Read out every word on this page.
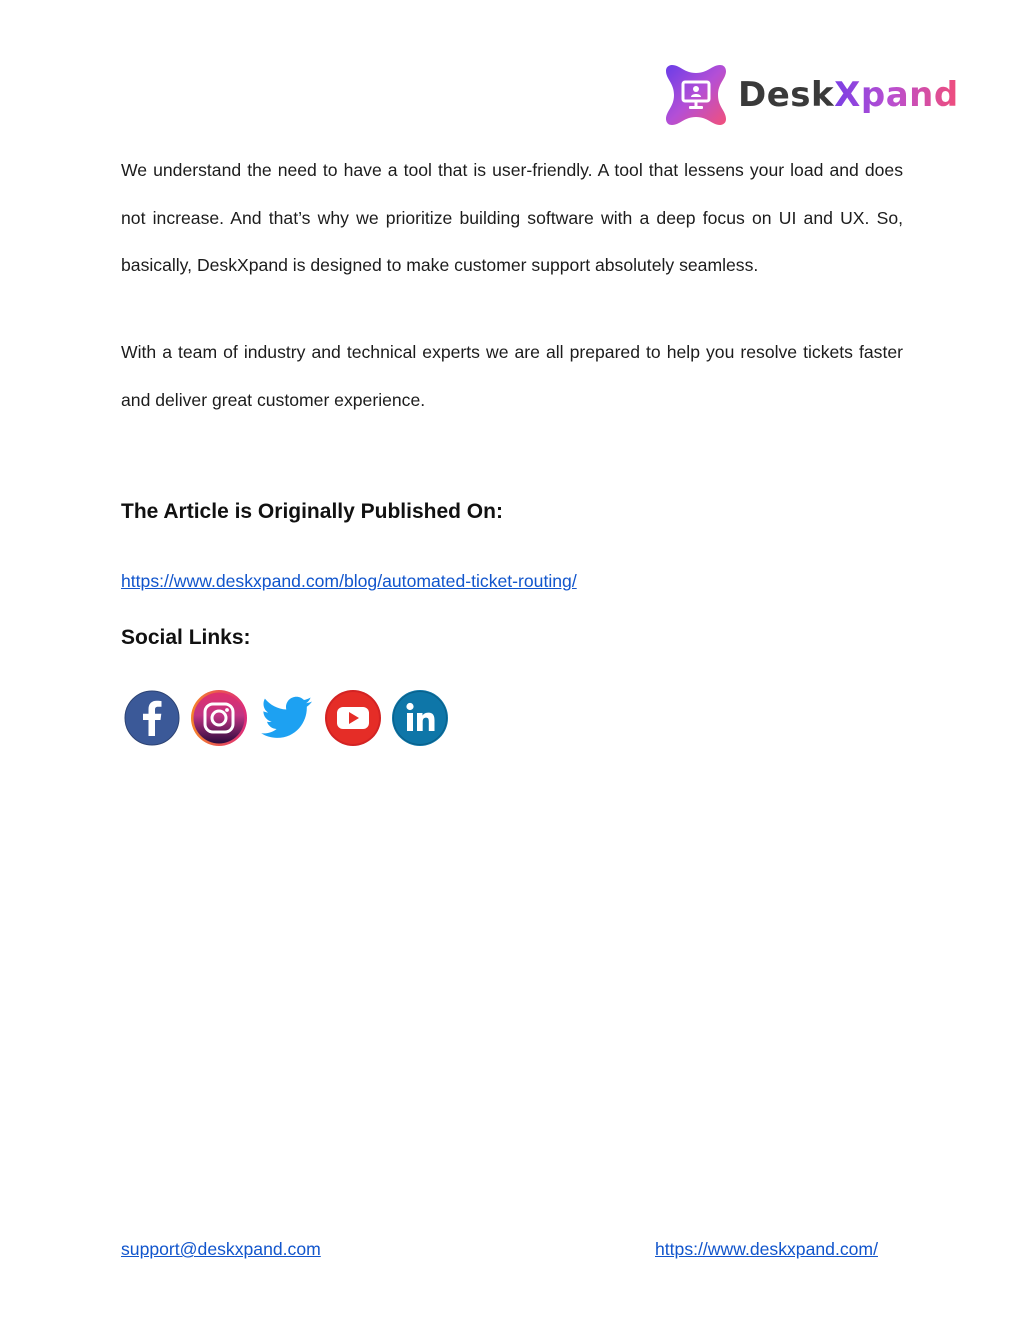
DeskXpand

We understand the need to have a tool that is user-friendly. A tool that lessens your load and does not increase. And that’s why we prioritize building software with a deep focus on UI and UX. So, basically, DeskXpand is designed to make customer support absolutely seamless.

With a team of industry and technical experts we are all prepared to help you resolve tickets faster and deliver great customer experience.

The Article is Originally Published On:
https://www.deskxpand.com/blog/automated-ticket-routing/
Social Links:
support@deskxpand.com	https://www.deskxpand.com/
